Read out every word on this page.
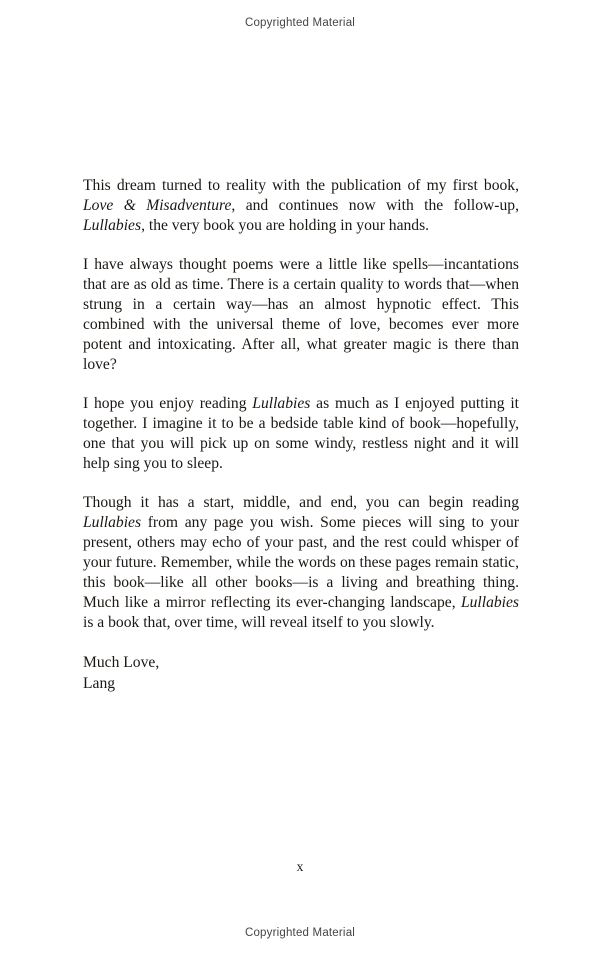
Copyrighted Material

This dream turned to reality with the publication of my first book, Love & Misadventure, and continues now with the follow-up, Lullabies, the very book you are holding in your hands.

I have always thought poems were a little like spells—incantations that are as old as time. There is a certain quality to words that—when strung in a certain way—has an almost hypnotic effect. This combined with the universal theme of love, becomes ever more potent and intoxicating. After all, what greater magic is there than love?

I hope you enjoy reading Lullabies as much as I enjoyed putting it together. I imagine it to be a bedside table kind of book—hopefully, one that you will pick up on some windy, restless night and it will help sing you to sleep.

Though it has a start, middle, and end, you can begin reading Lullabies from any page you wish. Some pieces will sing to your present, others may echo of your past, and the rest could whisper of your future. Remember, while the words on these pages remain static, this book—like all other books—is a living and breathing thing. Much like a mirror reflecting its ever-changing landscape, Lullabies is a book that, over time, will reveal itself to you slowly.

Much Love,
Lang
x
Copyrighted Material
